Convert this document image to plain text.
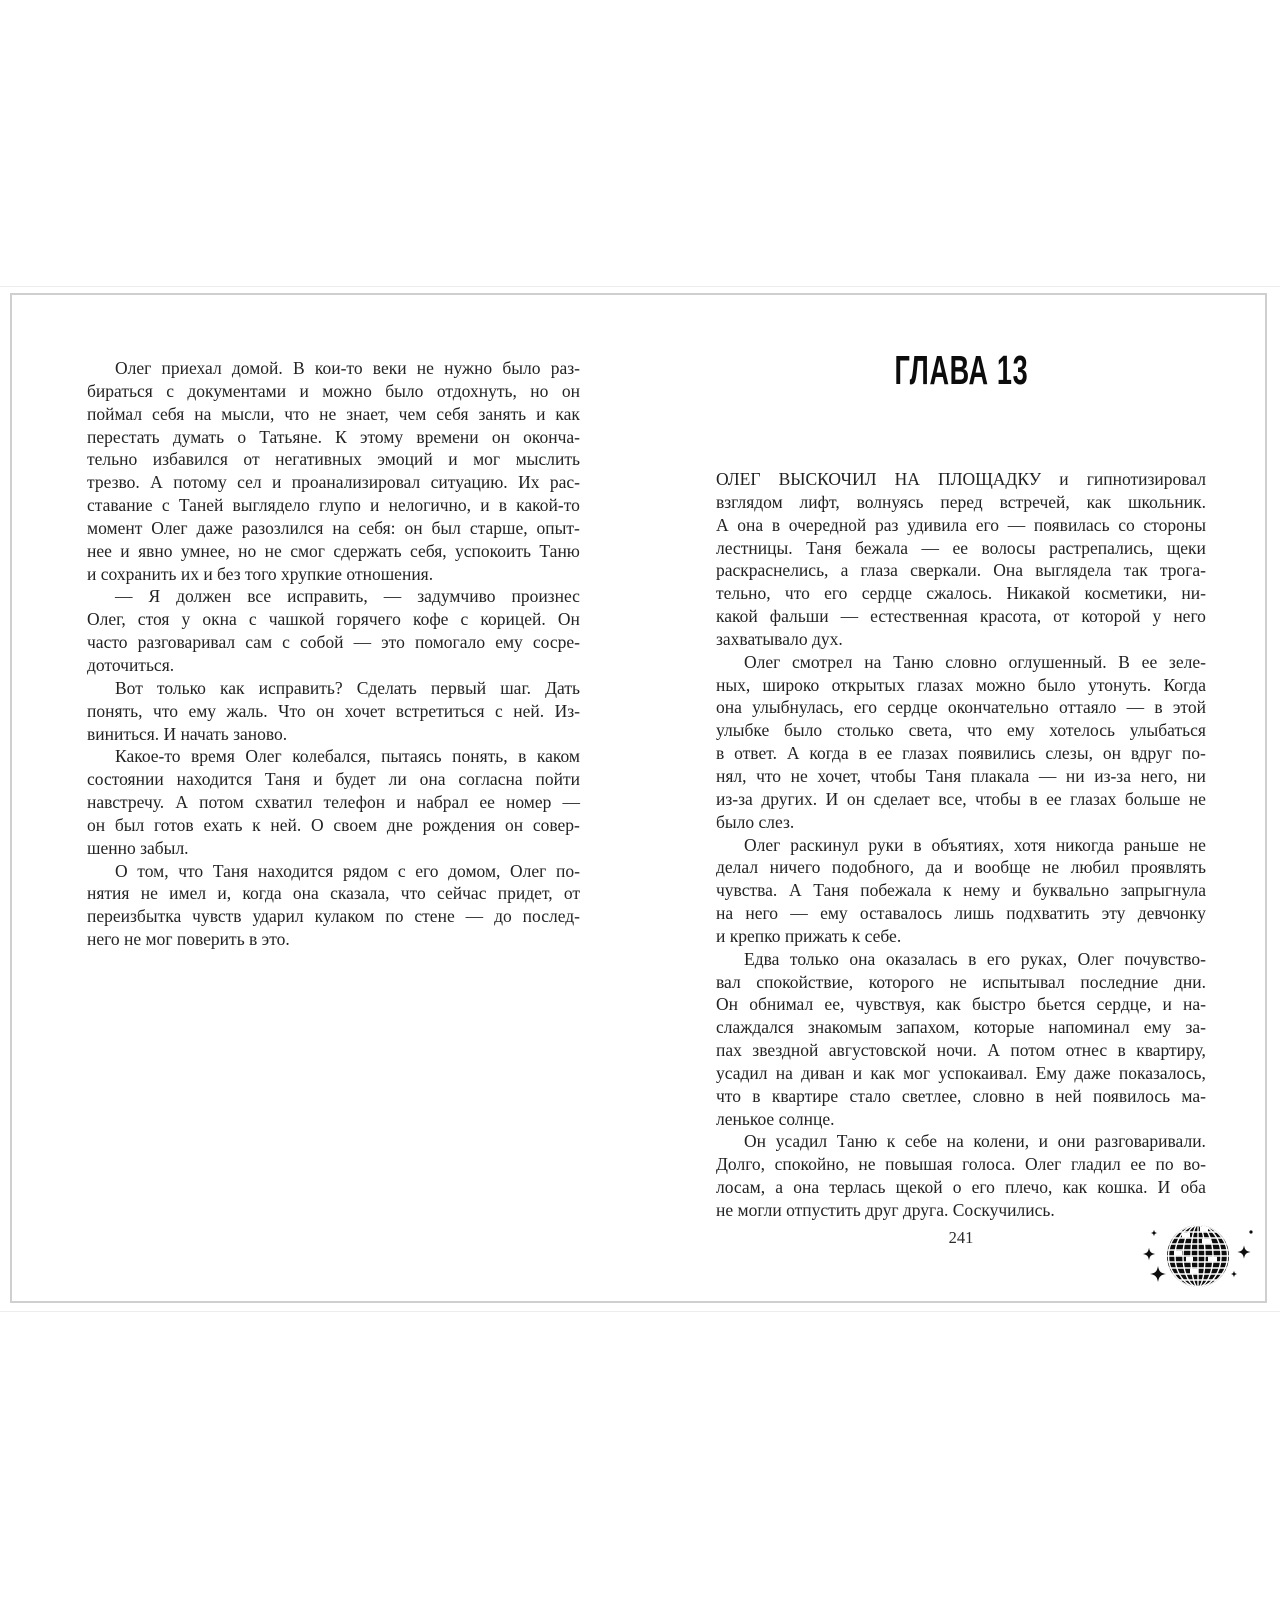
Олег приехал домой. В кои-то веки не нужно было раз-
бираться с документами и можно было отдохнуть, но он
поймал себя на мысли, что не знает, чем себя занять и как
перестать думать о Татьяне. К этому времени он оконча-
тельно избавился от негативных эмоций и мог мыслить
трезво. А потому сел и проанализировал ситуацию. Их рас-
ставание с Таней выглядело глупо и нелогично, и в какой-то
момент Олег даже разозлился на себя: он был старше, опыт-
нее и явно умнее, но не смог сдержать себя, успокоить Таню
и сохранить их и без того хрупкие отношения.
— Я должен все исправить, — задумчиво произнес
Олег, стоя у окна с чашкой горячего кофе с корицей. Он
часто разговаривал сам с собой — это помогало ему сосре-
доточиться.
Вот только как исправить? Сделать первый шаг. Дать
понять, что ему жаль. Что он хочет встретиться с ней. Из-
виниться. И начать заново.
Какое-то время Олег колебался, пытаясь понять, в каком
состоянии находится Таня и будет ли она согласна пойти
навстречу. А потом схватил телефон и набрал ее номер —
он был готов ехать к ней. О своем дне рождения он совер-
шенно забыл.
О том, что Таня находится рядом с его домом, Олег по-
нятия не имел и, когда она сказала, что сейчас придет, от
переизбытка чувств ударил кулаком по стене — до послед-
него не мог поверить в это.
ГЛАВА 13
ОЛЕГ ВЫСКОЧИЛ НА ПЛОЩАДКУ и гипнотизировал
взглядом лифт, волнуясь перед встречей, как школьник.
А она в очередной раз удивила его — появилась со стороны
лестницы. Таня бежала — ее волосы растрепались, щеки
раскраснелись, а глаза сверкали. Она выглядела так трога-
тельно, что его сердце сжалось. Никакой косметики, ни-
какой фальши — естественная красота, от которой у него
захватывало дух.
Олег смотрел на Таню словно оглушенный. В ее зеле-
ных, широко открытых глазах можно было утонуть. Когда
она улыбнулась, его сердце окончательно оттаяло — в этой
улыбке было столько света, что ему хотелось улыбаться
в ответ. А когда в ее глазах появились слезы, он вдруг по-
нял, что не хочет, чтобы Таня плакала — ни из-за него, ни
из-за других. И он сделает все, чтобы в ее глазах больше не
было слез.
Олег раскинул руки в объятиях, хотя никогда раньше не
делал ничего подобного, да и вообще не любил проявлять
чувства. А Таня побежала к нему и буквально запрыгнула
на него — ему оставалось лишь подхватить эту девчонку
и крепко прижать к себе.
Едва только она оказалась в его руках, Олег почувство-
вал спокойствие, которого не испытывал последние дни.
Он обнимал ее, чувствуя, как быстро бьется сердце, и на-
слаждался знакомым запахом, которые напоминал ему за-
пах звездной августовской ночи. А потом отнес в квартиру,
усадил на диван и как мог успокаивал. Ему даже показалось,
что в квартире стало светлее, словно в ней появилось ма-
ленькое солнце.
Он усадил Таню к себе на колени, и они разговаривали.
Долго, спокойно, не повышая голоса. Олег гладил ее по во-
лосам, а она терлась щекой о его плечо, как кошка. И оба
не могли отпустить друг друга. Соскучились.
241
